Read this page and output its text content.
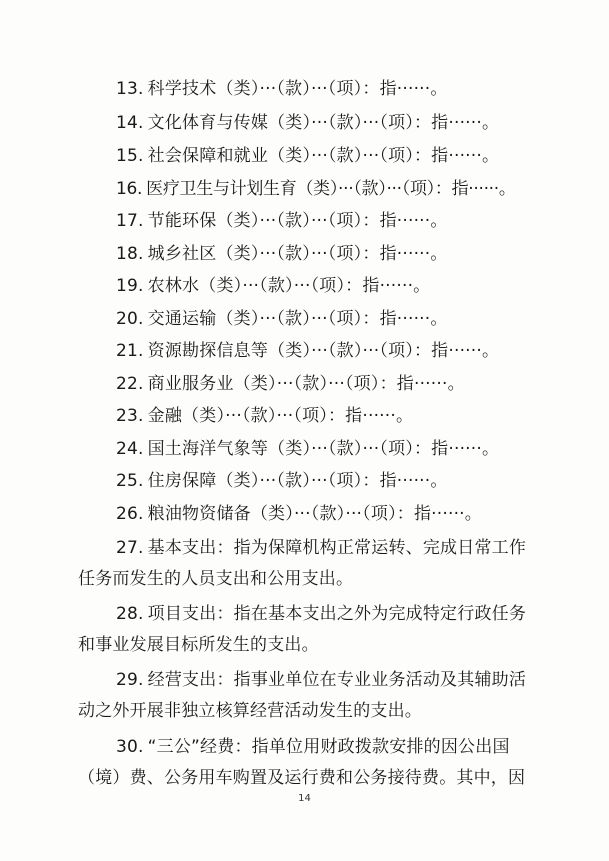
13. 科学技术（类）···（款）···（项）：指······。
14. 文化体育与传媒（类）···（款）···（项）：指······。
15. 社会保障和就业（类）···（款）···（项）：指······。
16. 医疗卫生与计划生育（类）···（款）···（项）：指······。
17. 节能环保（类）···（款）···（项）：指······。
18. 城乡社区（类）···（款）···（项）：指······。
19. 农林水（类）···（款）···（项）：指······。
20. 交通运输（类）···（款）···（项）：指······。
21. 资源勘探信息等（类）···（款）···（项）：指······。
22. 商业服务业（类）···（款）···（项）：指······。
23. 金融（类）···（款）···（项）：指······。
24. 国土海洋气象等（类）···（款）···（项）：指······。
25. 住房保障（类）···（款）···（项）：指······。
26. 粮油物资储备（类）···（款）···（项）：指······。
27. 基本支出：指为保障机构正常运转、完成日常工作
任务而发生的人员支出和公用支出。
28. 项目支出：指在基本支出之外为完成特定行政任务
和事业发展目标所发生的支出。
29. 经营支出：指事业单位在专业业务活动及其辅助活
动之外开展非独立核算经营活动发生的支出。
30. “三公”经费：指单位用财政拨款安排的因公出国
（境）费、公务用车购置及运行费和公务接待费。其中，因
14
